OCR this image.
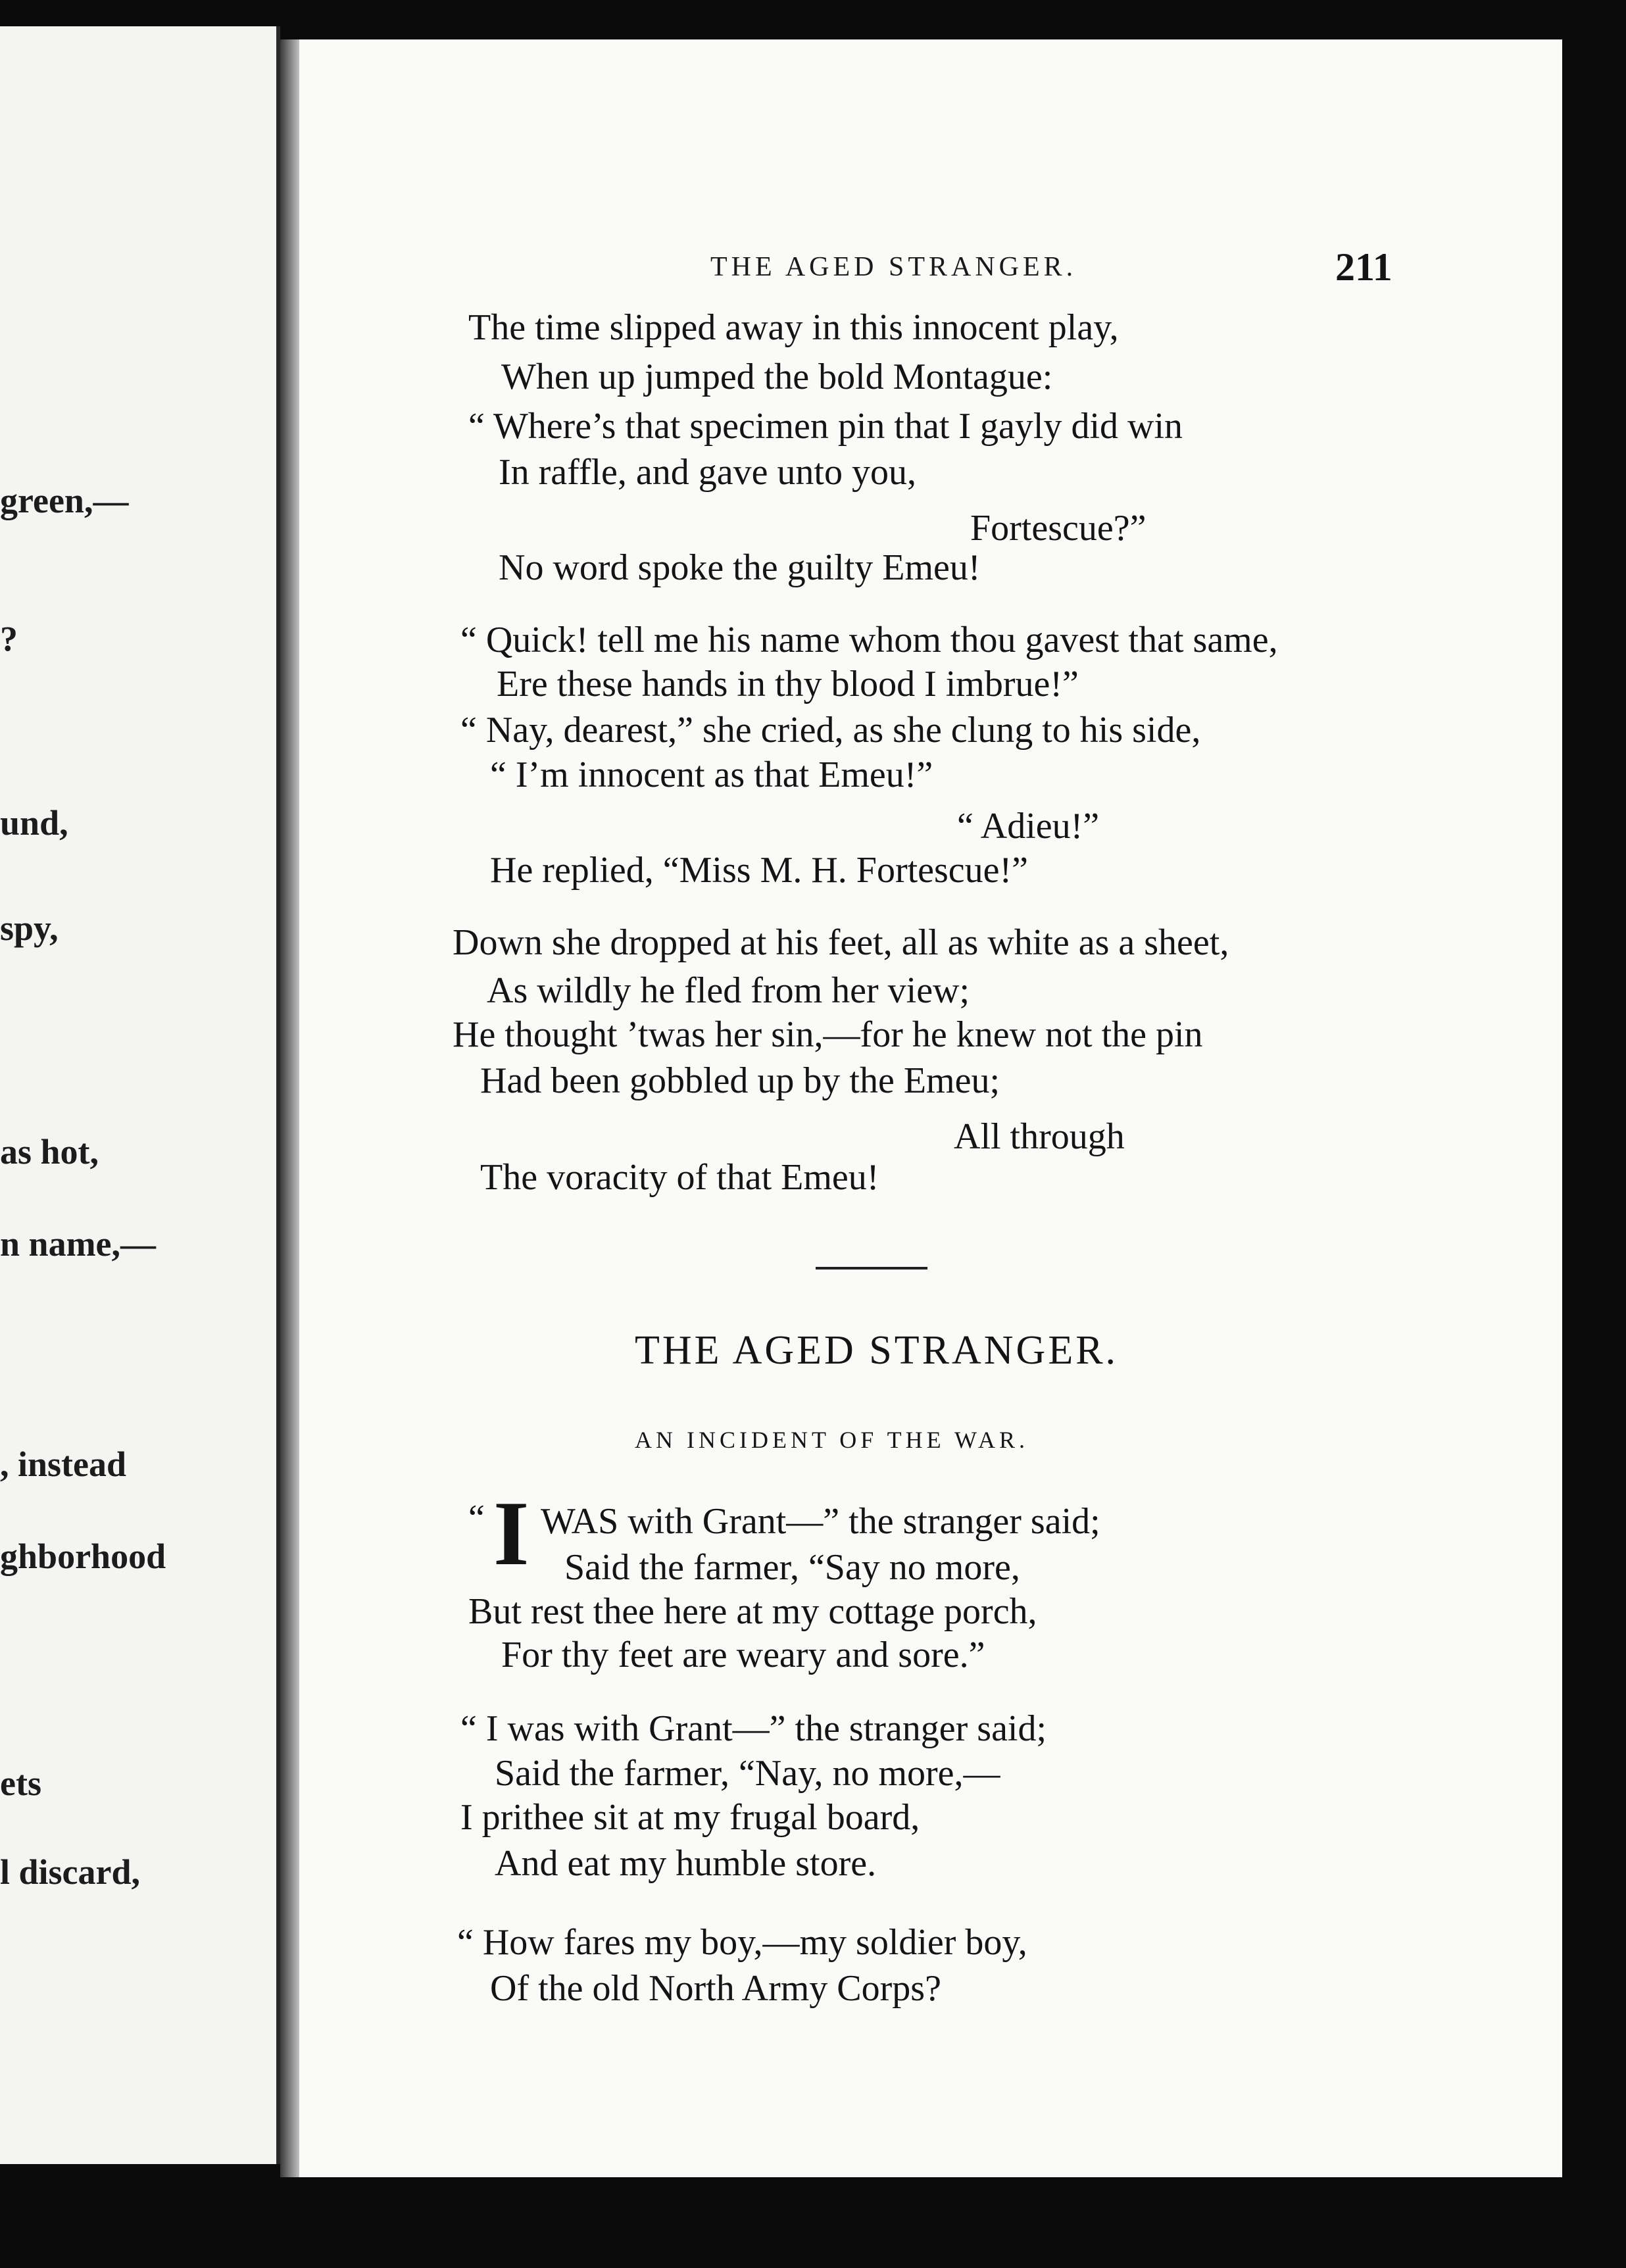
green,—
?
und,
spy,
as hot,
n name,—
, instead
ghborhood
ets
l discard,
THE AGED STRANGER.	211
The time slipped away in this innocent play,
When up jumped the bold Montague:
“ Where’s that specimen pin that I gayly did win
In raffle, and gave unto you,
Fortescue?”
No word spoke the guilty Emeu!
“ Quick! tell me his name whom thou gavest that same,
Ere these hands in thy blood I imbrue!”
“ Nay, dearest,” she cried, as she clung to his side,
“ I’m innocent as that Emeu!”
“ Adieu!”
He replied, “Miss M. H. Fortescue!”
Down she dropped at his feet, all as white as a sheet,
As wildly he fled from her view;
He thought ’twas her sin,—for he knew not the pin
Had been gobbled up by the Emeu;
All through
The voracity of that Emeu!
THE AGED STRANGER.
AN INCIDENT OF THE WAR.
“ I WAS with Grant—” the stranger said;
Said the farmer, “Say no more,
But rest thee here at my cottage porch,
For thy feet are weary and sore.”
“ I was with Grant—” the stranger said;
Said the farmer, “Nay, no more,—
I prithee sit at my frugal board,
And eat my humble store.
“ How fares my boy,—my soldier boy,
Of the old North Army Corps?
